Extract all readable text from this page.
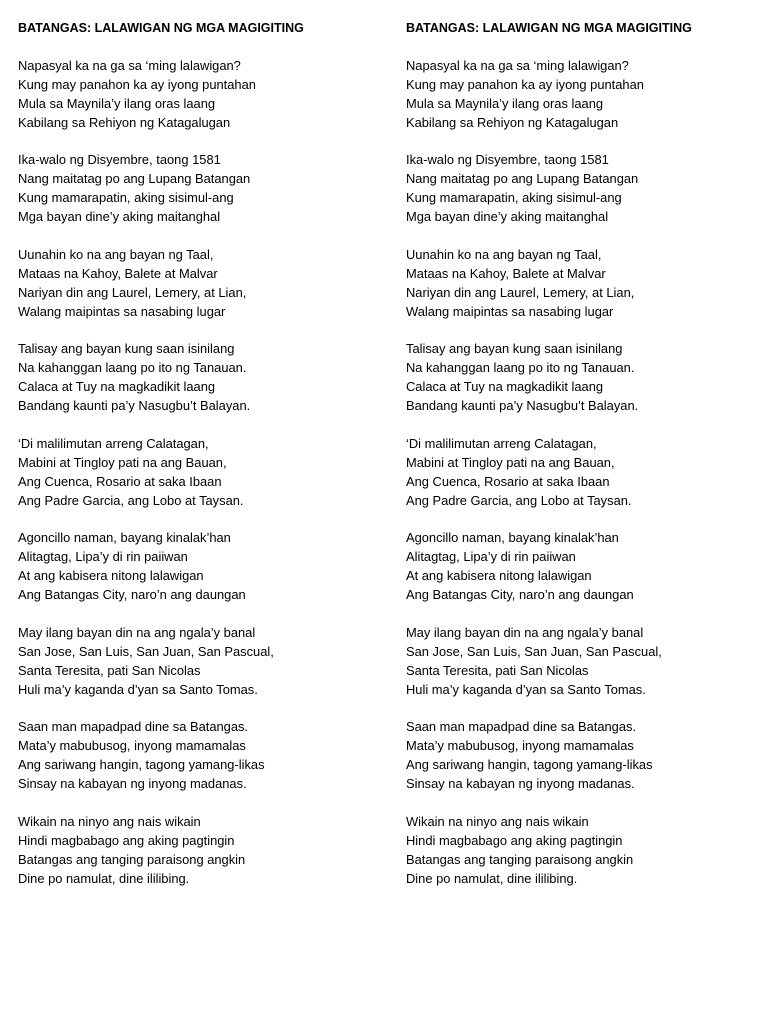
BATANGAS: LALAWIGAN NG MGA MAGIGITING
Napasyal ka na ga sa ‘ming lalawigan?
Kung may panahon ka ay iyong puntahan
Mula sa Maynila’y ilang oras laang
Kabilang sa Rehiyon ng Katagalugan
Ika-walo ng Disyembre, taong 1581
Nang maitatag po ang Lupang Batangan
Kung mamarapatin, aking sisimul-ang
Mga bayan dine’y aking maitanghal
Uunahin ko na ang bayan ng Taal,
Mataas na Kahoy, Balete at Malvar
Nariyan din ang Laurel, Lemery, at Lian,
Walang maipintas sa nasabing lugar
Talisay ang bayan kung saan isinilang
Na kahanggan laang po ito ng Tanauan.
Calaca at Tuy na magkadikit laang
Bandang kaunti pa’y Nasugbu’t Balayan.
‘Di malilimutan arreng Calatagan,
Mabini at Tingloy pati na ang Bauan,
Ang Cuenca, Rosario at saka Ibaan
Ang Padre Garcia, ang Lobo at Taysan.
Agoncillo naman, bayang kinalak’han
Alitagtag, Lipa’y di rin paiiwan
At ang kabisera nitong lalawigan
Ang Batangas City, naro’n ang daungan
May ilang bayan din na ang ngala’y banal
San Jose, San Luis, San Juan, San Pascual,
Santa Teresita, pati San Nicolas
Huli ma’y kaganda d’yan sa Santo Tomas.
Saan man mapadpad dine sa Batangas.
Mata’y mabubusog, inyong mamamalas
Ang sariwang hangin, tagong yamang-likas
Sinsay na kabayan ng inyong madanas.
Wikain na ninyo ang nais wikain
Hindi magbabago ang aking pagtingin
Batangas ang tanging paraisong angkin
Dine po namulat, dine ililibing.
BATANGAS: LALAWIGAN NG MGA MAGIGITING
Napasyal ka na ga sa ‘ming lalawigan?
Kung may panahon ka ay iyong puntahan
Mula sa Maynila’y ilang oras laang
Kabilang sa Rehiyon ng Katagalugan
Ika-walo ng Disyembre, taong 1581
Nang maitatag po ang Lupang Batangan
Kung mamarapatin, aking sisimul-ang
Mga bayan dine’y aking maitanghal
Uunahin ko na ang bayan ng Taal,
Mataas na Kahoy, Balete at Malvar
Nariyan din ang Laurel, Lemery, at Lian,
Walang maipintas sa nasabing lugar
Talisay ang bayan kung saan isinilang
Na kahanggan laang po ito ng Tanauan.
Calaca at Tuy na magkadikit laang
Bandang kaunti pa’y Nasugbu’t Balayan.
‘Di malilimutan arreng Calatagan,
Mabini at Tingloy pati na ang Bauan,
Ang Cuenca, Rosario at saka Ibaan
Ang Padre Garcia, ang Lobo at Taysan.
Agoncillo naman, bayang kinalak’han
Alitagtag, Lipa’y di rin paiiwan
At ang kabisera nitong lalawigan
Ang Batangas City, naro’n ang daungan
May ilang bayan din na ang ngala’y banal
San Jose, San Luis, San Juan, San Pascual,
Santa Teresita, pati San Nicolas
Huli ma’y kaganda d’yan sa Santo Tomas.
Saan man mapadpad dine sa Batangas.
Mata’y mabubusog, inyong mamamalas
Ang sariwang hangin, tagong yamang-likas
Sinsay na kabayan ng inyong madanas.
Wikain na ninyo ang nais wikain
Hindi magbabago ang aking pagtingin
Batangas ang tanging paraisong angkin
Dine po namulat, dine ililibing.
